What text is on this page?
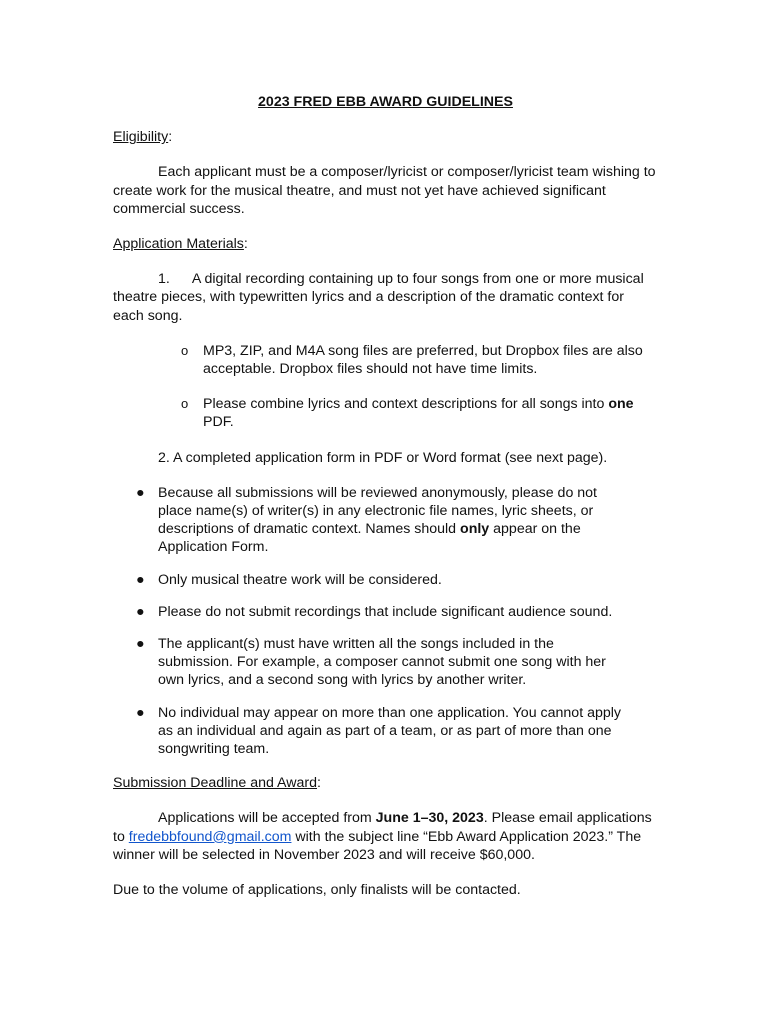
2023 FRED EBB AWARD GUIDELINES
Eligibility:

Each applicant must be a composer/lyricist or composer/lyricist team wishing to create work for the musical theatre, and must not yet have achieved significant commercial success.

Application Materials:

1. A digital recording containing up to four songs from one or more musical theatre pieces, with typewritten lyrics and a description of the dramatic context for each song.

o MP3, ZIP, and M4A song files are preferred, but Dropbox files are also acceptable. Dropbox files should not have time limits.
o Please combine lyrics and context descriptions for all songs into one PDF.
2. A completed application form in PDF or Word format (see next page).
● Because all submissions will be reviewed anonymously, please do not place name(s) of writer(s) in any electronic file names, lyric sheets, or descriptions of dramatic context. Names should only appear on the Application Form.
● Only musical theatre work will be considered.
● Please do not submit recordings that include significant audience sound.
● The applicant(s) must have written all the songs included in the submission. For example, a composer cannot submit one song with her own lyrics, and a second song with lyrics by another writer.
● No individual may appear on more than one application. You cannot apply as an individual and again as part of a team, or as part of more than one songwriting team.
Submission Deadline and Award:

Applications will be accepted from June 1–30, 2023. Please email applications to fredebbfound@gmail.com with the subject line “Ebb Award Application 2023.” The winner will be selected in November 2023 and will receive $60,000.

Due to the volume of applications, only finalists will be contacted.
